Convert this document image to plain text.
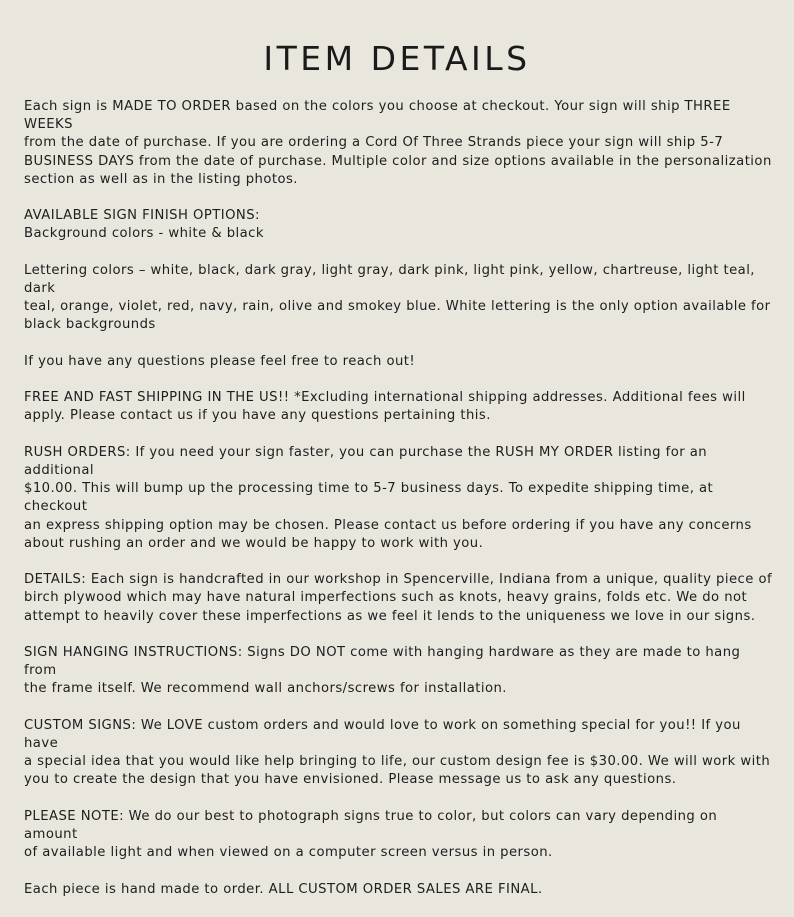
ITEM DETAILS

Each sign is MADE TO ORDER based on the colors you choose at checkout. Your sign will ship THREE WEEKS
from the date of purchase. If you are ordering a Cord Of Three Strands piece your sign will ship 5-7
BUSINESS DAYS from the date of purchase. Multiple color and size options available in the personalization
section as well as in the listing photos.

AVAILABLE SIGN FINISH OPTIONS:
Background colors - white & black

Lettering colors – white, black, dark gray, light gray, dark pink, light pink, yellow, chartreuse, light teal, dark
teal, orange, violet, red, navy, rain, olive and smokey blue. White lettering is the only option available for
black backgrounds

If you have any questions please feel free to reach out!

FREE AND FAST SHIPPING IN THE US!! *Excluding international shipping addresses. Additional fees will
apply. Please contact us if you have any questions pertaining this.

RUSH ORDERS: If you need your sign faster, you can purchase the RUSH MY ORDER listing for an additional
$10.00. This will bump up the processing time to 5-7 business days. To expedite shipping time, at checkout
an express shipping option may be chosen. Please contact us before ordering if you have any concerns
about rushing an order and we would be happy to work with you.

DETAILS: Each sign is handcrafted in our workshop in Spencerville, Indiana from a unique, quality piece of
birch plywood which may have natural imperfections such as knots, heavy grains, folds etc. We do not
attempt to heavily cover these imperfections as we feel it lends to the uniqueness we love in our signs.

SIGN HANGING INSTRUCTIONS: Signs DO NOT come with hanging hardware as they are made to hang from
the frame itself. We recommend wall anchors/screws for installation.

CUSTOM SIGNS: We LOVE custom orders and would love to work on something special for you!! If you have
a special idea that you would like help bringing to life, our custom design fee is $30.00. We will work with
you to create the design that you have envisioned. Please message us to ask any questions.

PLEASE NOTE: We do our best to photograph signs true to color, but colors can vary depending on amount
of available light and when viewed on a computer screen versus in person.

Each piece is hand made to order. ALL CUSTOM ORDER SALES ARE FINAL.
